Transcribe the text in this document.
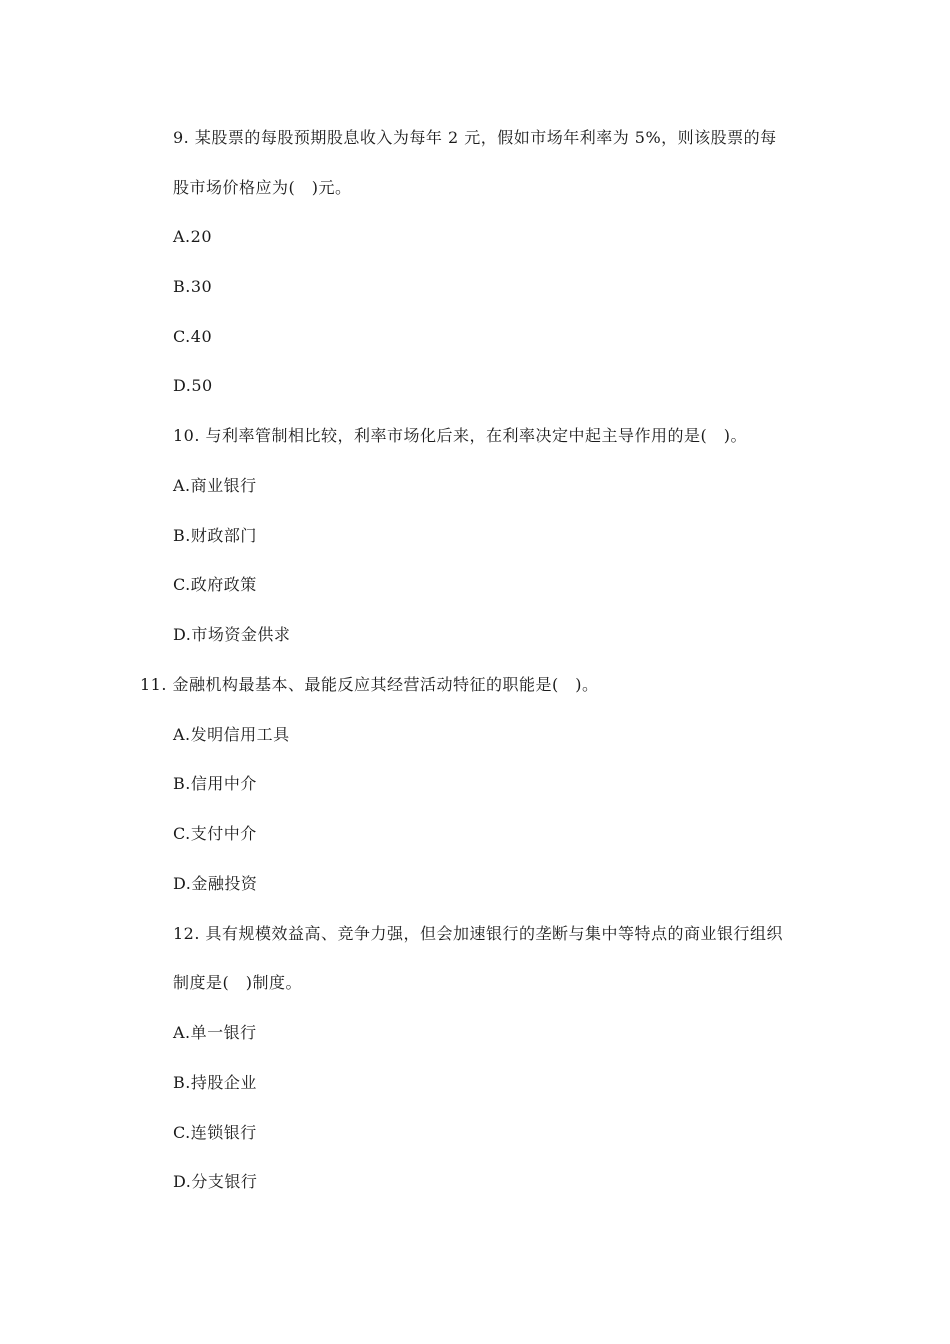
9. 某股票的每股预期股息收入为每年 2 元，假如市场年利率为 5%，则该股票的每
股市场价格应为(　)元。
A.20
B.30
C.40
D.50
10. 与利率管制相比较，利率市场化后来，在利率决定中起主导作用的是(　)。
A.商业银行
B.财政部门
C.政府政策
D.市场资金供求
11. 金融机构最基本、最能反应其经营活动特征的职能是(　)。
A.发明信用工具
B.信用中介
C.支付中介
D.金融投资
12. 具有规模效益高、竞争力强，但会加速银行的垄断与集中等特点的商业银行组织
制度是(　)制度。
A.单一银行
B.持股企业
C.连锁银行
D.分支银行
